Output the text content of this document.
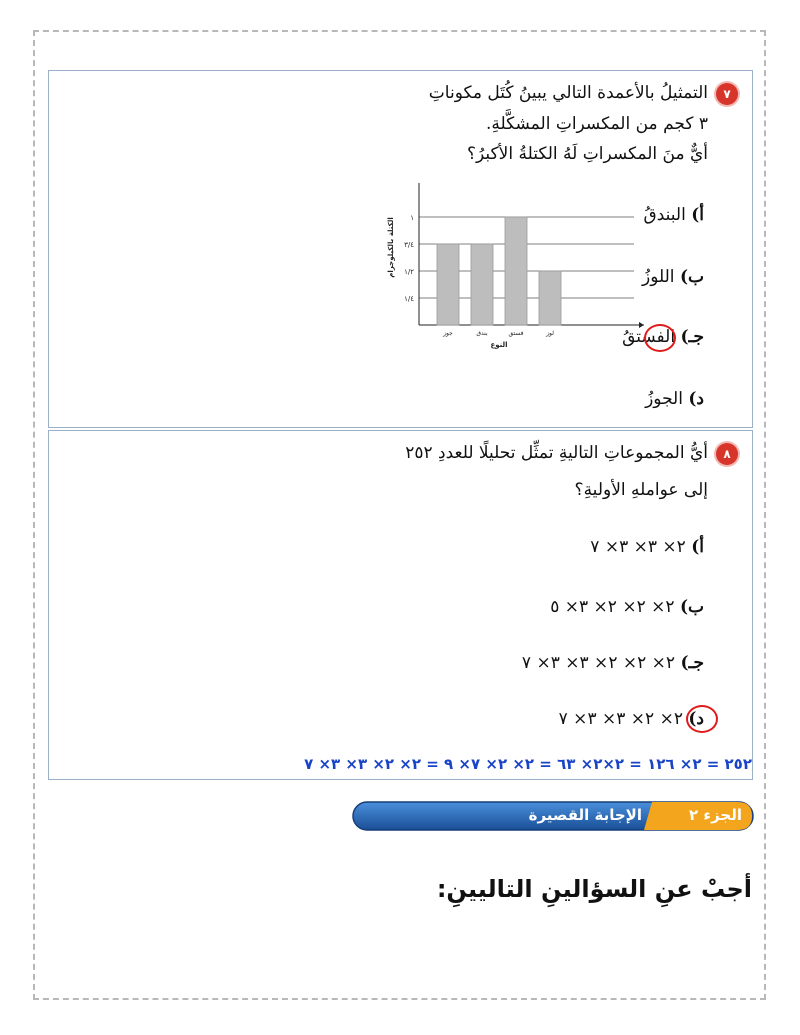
٧
التمثيلُ بالأعمدة التالي يبينُ كُتَل مكوناتِ
٣ كجم من المكسراتِ المشكَّلةِ.
أيٌّ منَ المكسراتِ لَهُ الكتلةُ الأكبرُ؟
أ) البندقُ
ب) اللوزُ
جـ) الفستقُ
د) الجوزُ
١
٣/٤
١/٢
١/٤
جوز	بندق	فستق	لوز
النوع
الكتلة بالكيلوجرام
٨
أيُّ المجموعاتِ التاليةِ تمثِّل تحليلًا للعددِ ٢٥٢
إلى عواملهِ الأوليةِ؟
أ) ٢× ٣× ٣× ٧
ب) ٢× ٢× ٢× ٣× ٥
جـ) ٢× ٢× ٢× ٣× ٣× ٧
د) ٢× ٢× ٣× ٣× ٧
٢٥٢ = ٢× ١٢٦ = ٢×٢× ٦٣ = ٢× ٢× ٧× ٩ = ٢× ٢× ٣× ٣× ٧
الجزء ٢
الإجابة القصيرة
أجبْ عنِ السؤالينِ التاليينِ:
